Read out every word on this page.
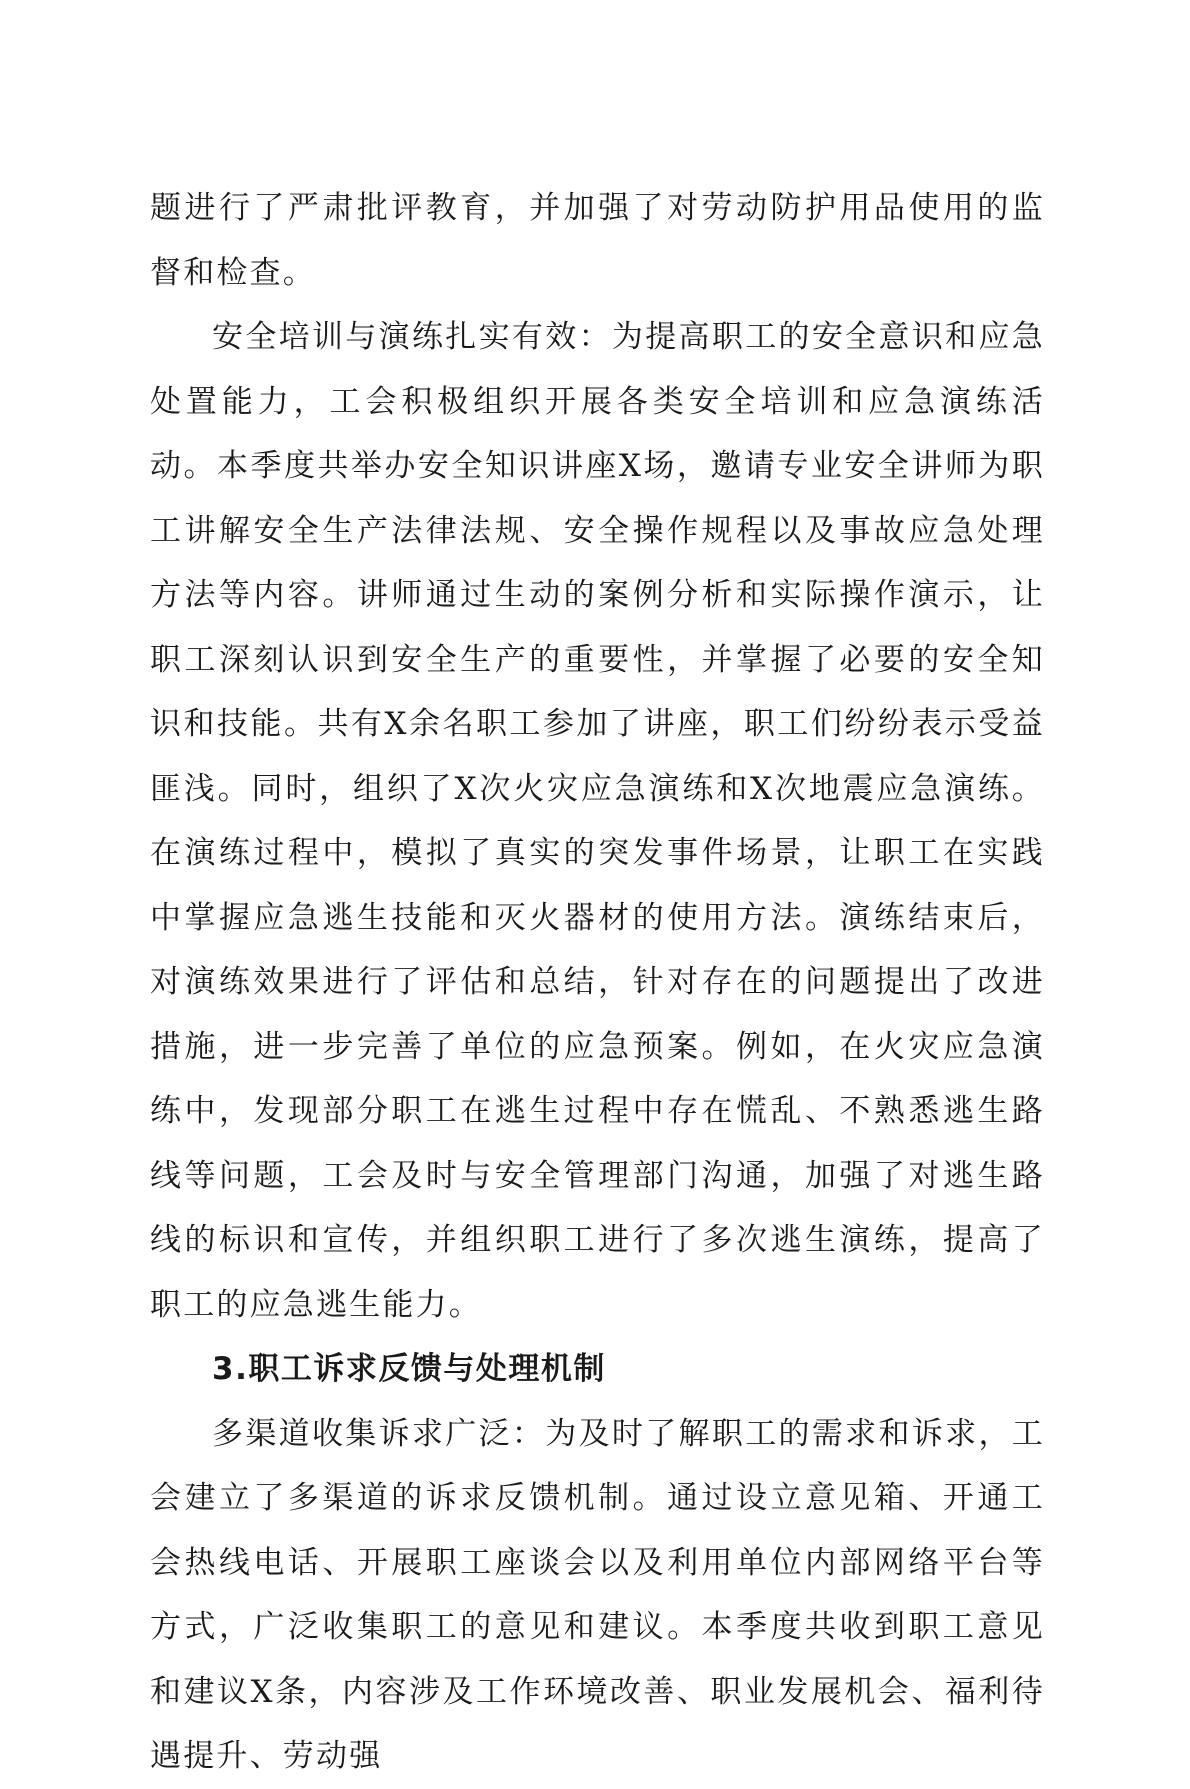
题进行了严肃批评教育，并加强了对劳动防护用品使用的监督和检查。

安全培训与演练扎实有效：为提高职工的安全意识和应急处置能力，工会积极组织开展各类安全培训和应急演练活动。本季度共举办安全知识讲座X场，邀请专业安全讲师为职工讲解安全生产法律法规、安全操作规程以及事故应急处理方法等内容。讲师通过生动的案例分析和实际操作演示，让职工深刻认识到安全生产的重要性，并掌握了必要的安全知识和技能。共有X余名职工参加了讲座，职工们纷纷表示受益匪浅。同时，组织了X次火灾应急演练和X次地震应急演练。在演练过程中，模拟了真实的突发事件场景，让职工在实践中掌握应急逃生技能和灭火器材的使用方法。演练结束后，对演练效果进行了评估和总结，针对存在的问题提出了改进措施，进一步完善了单位的应急预案。例如，在火灾应急演练中，发现部分职工在逃生过程中存在慌乱、不熟悉逃生路线等问题，工会及时与安全管理部门沟通，加强了对逃生路线的标识和宣传，并组织职工进行了多次逃生演练，提高了职工的应急逃生能力。

3.职工诉求反馈与处理机制

多渠道收集诉求广泛：为及时了解职工的需求和诉求，工会建立了多渠道的诉求反馈机制。通过设立意见箱、开通工会热线电话、开展职工座谈会以及利用单位内部网络平台等方式，广泛收集职工的意见和建议。本季度共收到职工意见和建议X条，内容涉及工作环境改善、职业发展机会、福利待遇提升、劳动强
